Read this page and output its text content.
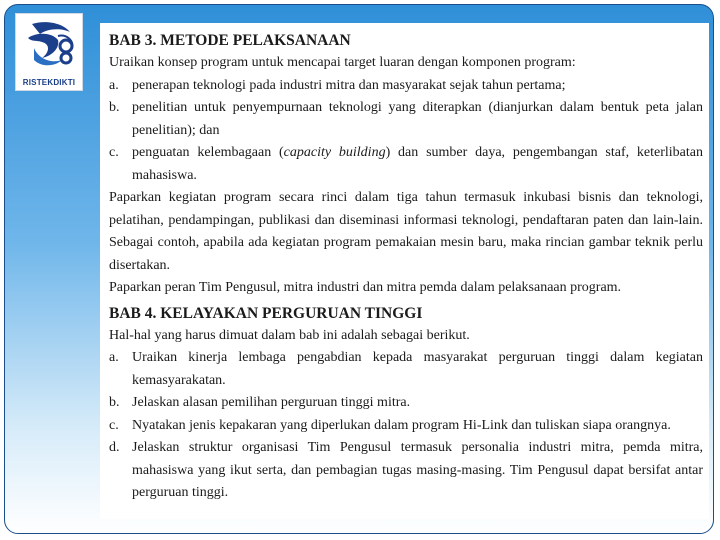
RISTEKDIKTI
BAB 3. METODE PELAKSANAAN
Uraikan konsep program untuk mencapai target luaran dengan komponen program:
a. penerapan teknologi pada industri mitra dan masyarakat sejak tahun pertama;
b. penelitian untuk penyempurnaan teknologi yang diterapkan (dianjurkan dalam bentuk peta jalan penelitian); dan
c. penguatan kelembagaan (capacity building) dan sumber daya, pengembangan staf, keterlibatan mahasiswa.
Paparkan kegiatan program secara rinci dalam tiga tahun termasuk inkubasi bisnis dan teknologi, pelatihan, pendampingan, publikasi dan diseminasi informasi teknologi, pendaftaran paten dan lain-lain. Sebagai contoh, apabila ada kegiatan program pemakaian mesin baru, maka rincian gambar teknik perlu disertakan.
Paparkan peran Tim Pengusul, mitra industri dan mitra pemda dalam pelaksanaan program.
BAB 4. KELAYAKAN PERGURUAN TINGGI
Hal-hal yang harus dimuat dalam bab ini adalah sebagai berikut.
a. Uraikan kinerja lembaga pengabdian kepada masyarakat perguruan tinggi dalam kegiatan kemasyarakatan.
b. Jelaskan alasan pemilihan perguruan tinggi mitra.
c. Nyatakan jenis kepakaran yang diperlukan dalam program Hi-Link dan tuliskan siapa orangnya.
d. Jelaskan struktur organisasi Tim Pengusul termasuk personalia industri mitra, pemda mitra, mahasiswa yang ikut serta, dan pembagian tugas masing-masing. Tim Pengusul dapat bersifat antar perguruan tinggi.
